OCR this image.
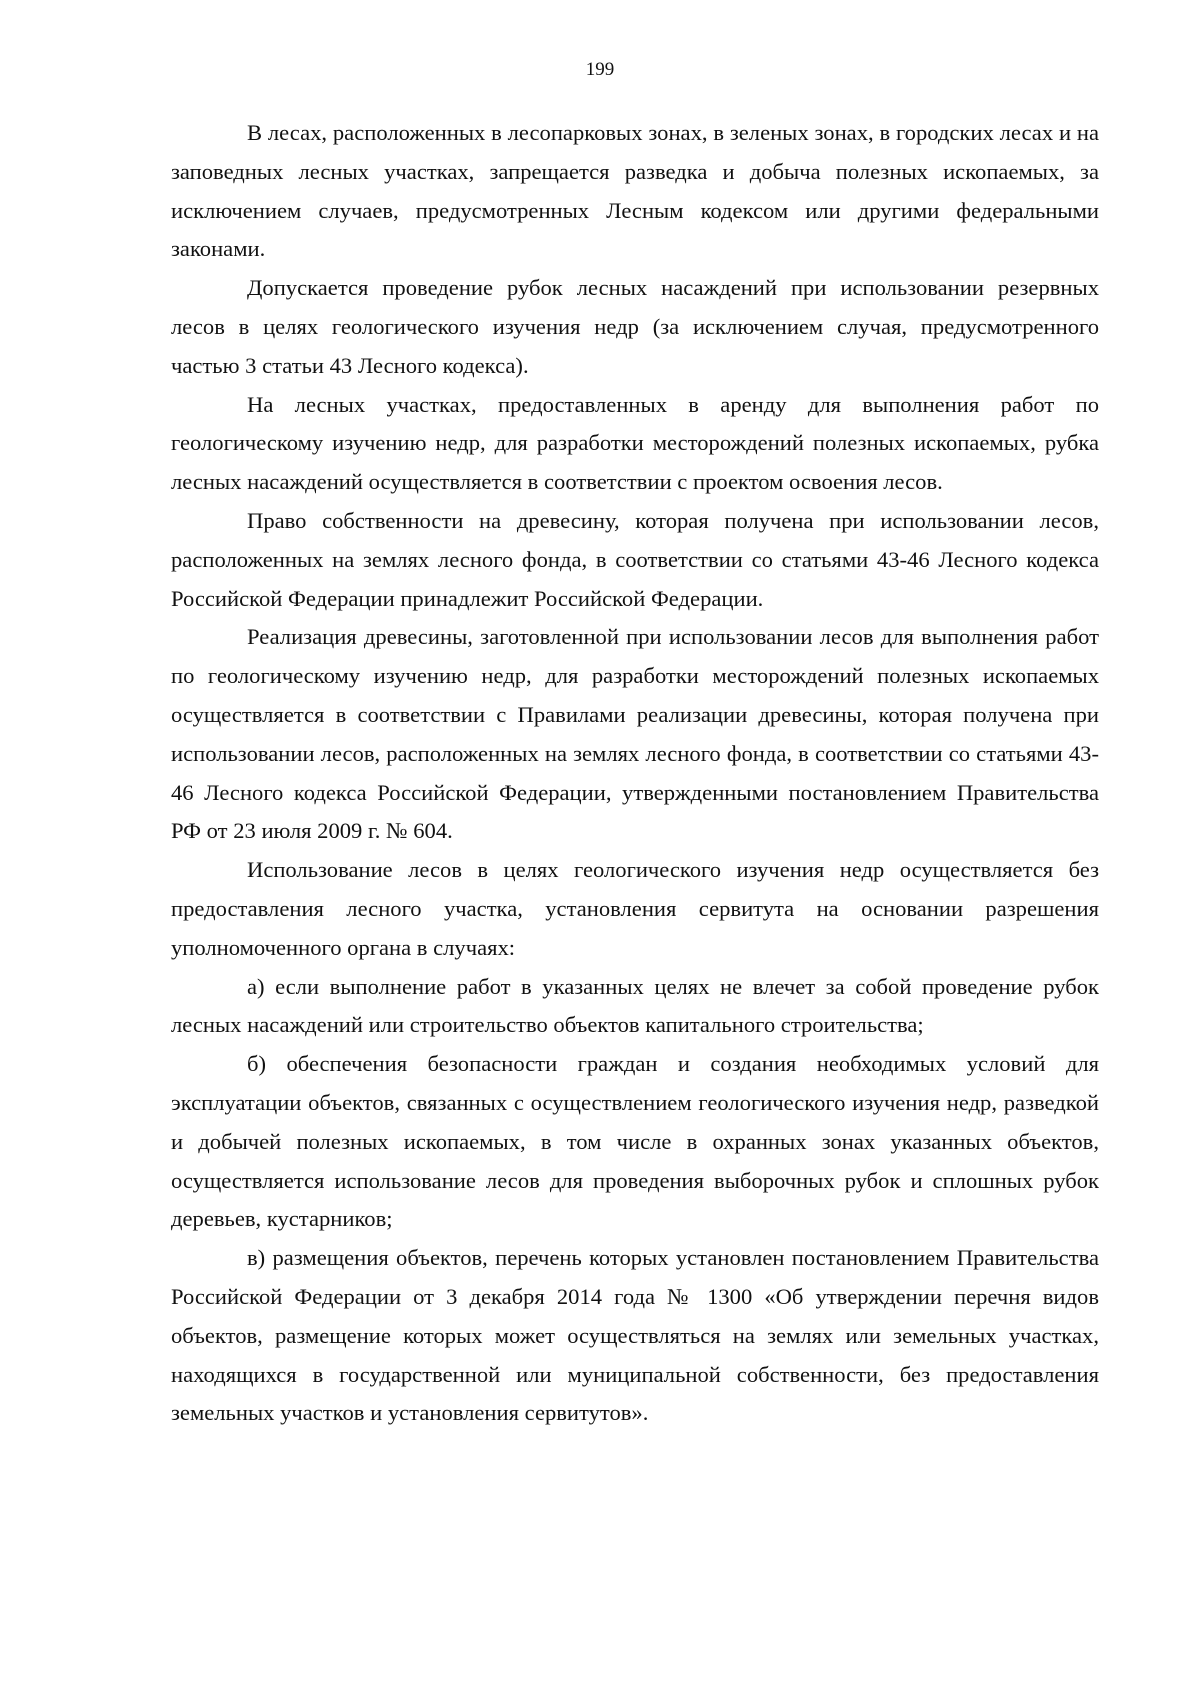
199

В лесах, расположенных в лесопарковых зонах, в зеленых зонах, в городских лесах и на заповедных лесных участках, запрещается разведка и добыча полезных ископаемых, за исключением случаев, предусмотренных Лесным кодексом или другими федеральными законами.

Допускается проведение рубок лесных насаждений при использовании резервных лесов в целях геологического изучения недр (за исключением случая, предусмотренного частью 3 статьи 43 Лесного кодекса).

На лесных участках, предоставленных в аренду для выполнения работ по геологическому изучению недр, для разработки месторождений полезных ископаемых, рубка лесных насаждений осуществляется в соответствии с проектом освоения лесов.

Право собственности на древесину, которая получена при использовании лесов, расположенных на землях лесного фонда, в соответствии со статьями 43-46 Лесного кодекса Российской Федерации принадлежит Российской Федерации.

Реализация древесины, заготовленной при использовании лесов для выполнения работ по геологическому изучению недр, для разработки месторождений полезных ископаемых осуществляется в соответствии с Правилами реализации древесины, которая получена при использовании лесов, расположенных на землях лесного фонда, в соответствии со статьями 43-46 Лесного кодекса Российской Федерации, утвержденными постановлением Правительства РФ от 23 июля 2009 г. № 604.

Использование лесов в целях геологического изучения недр осуществляется без предоставления лесного участка, установления сервитута на основании разрешения уполномоченного органа в случаях:

а) если выполнение работ в указанных целях не влечет за собой проведение рубок лесных насаждений или строительство объектов капитального строительства;

б) обеспечения безопасности граждан и создания необходимых условий для эксплуатации объектов, связанных с осуществлением геологического изучения недр, разведкой и добычей полезных ископаемых, в том числе в охранных зонах указанных объектов, осуществляется использование лесов для проведения выборочных рубок и сплошных рубок деревьев, кустарников;

в) размещения объектов, перечень которых установлен постановлением Правительства Российской Федерации от 3 декабря 2014 года № 1300 «Об утверждении перечня видов объектов, размещение которых может осуществляться на землях или земельных участках, находящихся в государственной или муниципальной собственности, без предоставления земельных участков и установления сервитутов».
